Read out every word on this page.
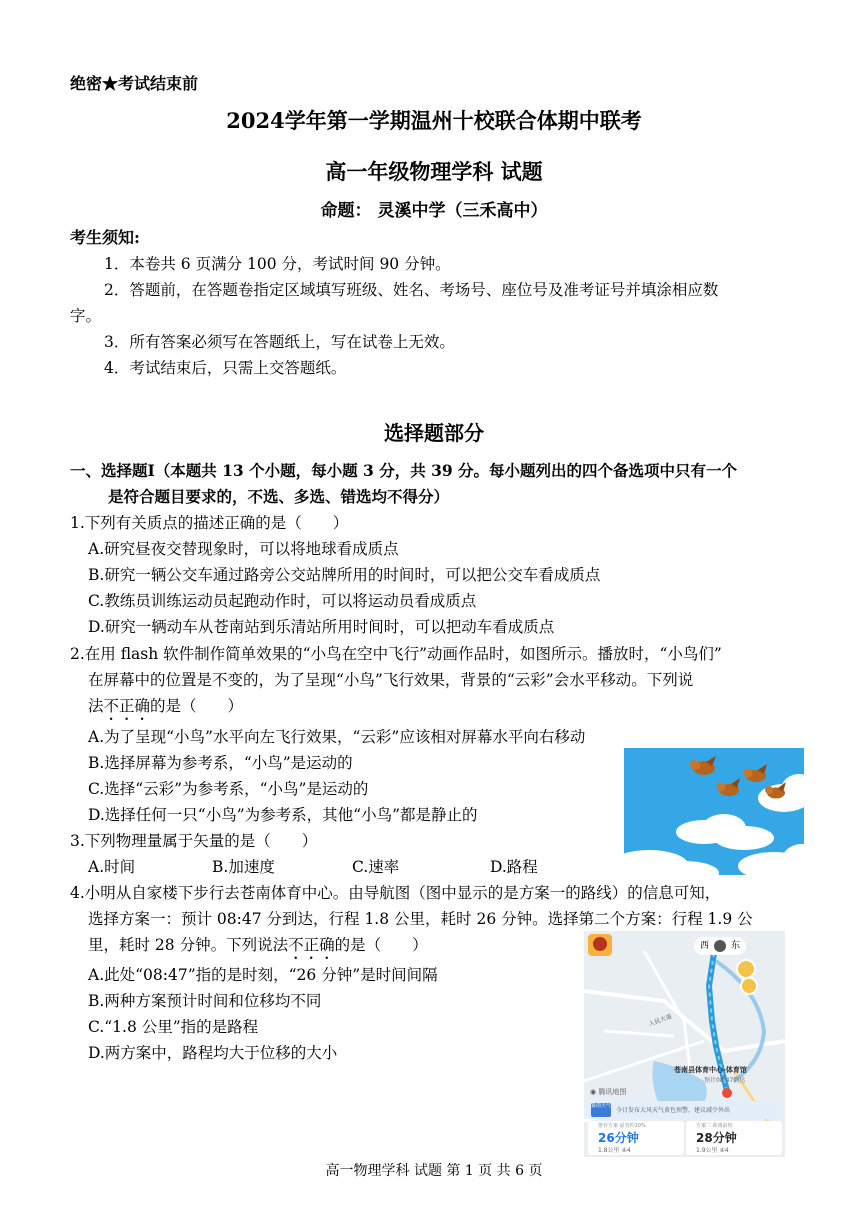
绝密★考试结束前
2024学年第一学期温州十校联合体期中联考
高一年级物理学科 试题
命题： 灵溪中学（三禾高中）
考生须知:
1．本卷共 6 页满分 100 分，考试时间 90 分钟。
2．答题前，在答题卷指定区域填写班级、姓名、考场号、座位号及准考证号并填涂相应数
字。
3．所有答案必须写在答题纸上，写在试卷上无效。
4．考试结束后，只需上交答题纸。
选择题部分
一、选择题Ⅰ（本题共 13 个小题，每小题 3 分，共 39 分。每小题列出的四个备选项中只有一个
是符合题目要求的，不选、多选、错选均不得分）
1.下列有关质点的描述正确的是（　　）
A.研究昼夜交替现象时，可以将地球看成质点
B.研究一辆公交车通过路旁公交站牌所用的时间时，可以把公交车看成质点
C.教练员训练运动员起跑动作时，可以将运动员看成质点
D.研究一辆动车从苍南站到乐清站所用时间时，可以把动车看成质点
2.在用 flash 软件制作简单效果的“小鸟在空中飞行”动画作品时，如图所示。播放时，“小鸟们”
在屏幕中的位置是不变的，为了呈现“小鸟”飞行效果，背景的“云彩”会水平移动。下列说
法不正确的是（　　）
A.为了呈现“小鸟”水平向左飞行效果，“云彩”应该相对屏幕水平向右移动
B.选择屏幕为参考系，“小鸟”是运动的
C.选择“云彩”为参考系，“小鸟”是运动的
D.选择任何一只“小鸟”为参考系，其他“小鸟”都是静止的
3.下列物理量属于矢量的是（　　）
A.时间	B.加速度	C.速率	D.路程
4.小明从自家楼下步行去苍南体育中心。由导航图（图中显示的是方案一的路线）的信息可知，
选择方案一：预计 08:47 分到达，行程 1.8 公里，耗时 26 分钟。选择第二个方案：行程 1.9 公
里，耗时 28 分钟。下列说法不正确的是（　　）
A.此处“08:47”指的是时刻，“26 分钟”是时间间隔
B.两种方案预计时间和位移均不同
C.“1.8 公里”指的是路程
D.两方案中，路程均大于位移的大小
西 东
人民大道
苍南县体育中心-体育馆
预计08:47到达
◉ 腾讯地图
暴雨天气
今日发布大风天气黄色预警，建议减少外出
推荐方案 最省约10%
26分钟
1.8公里 ④4
方案二 距离最短
28分钟
1.9公里 ④4
高一物理学科 试题 第 1 页 共 6 页
